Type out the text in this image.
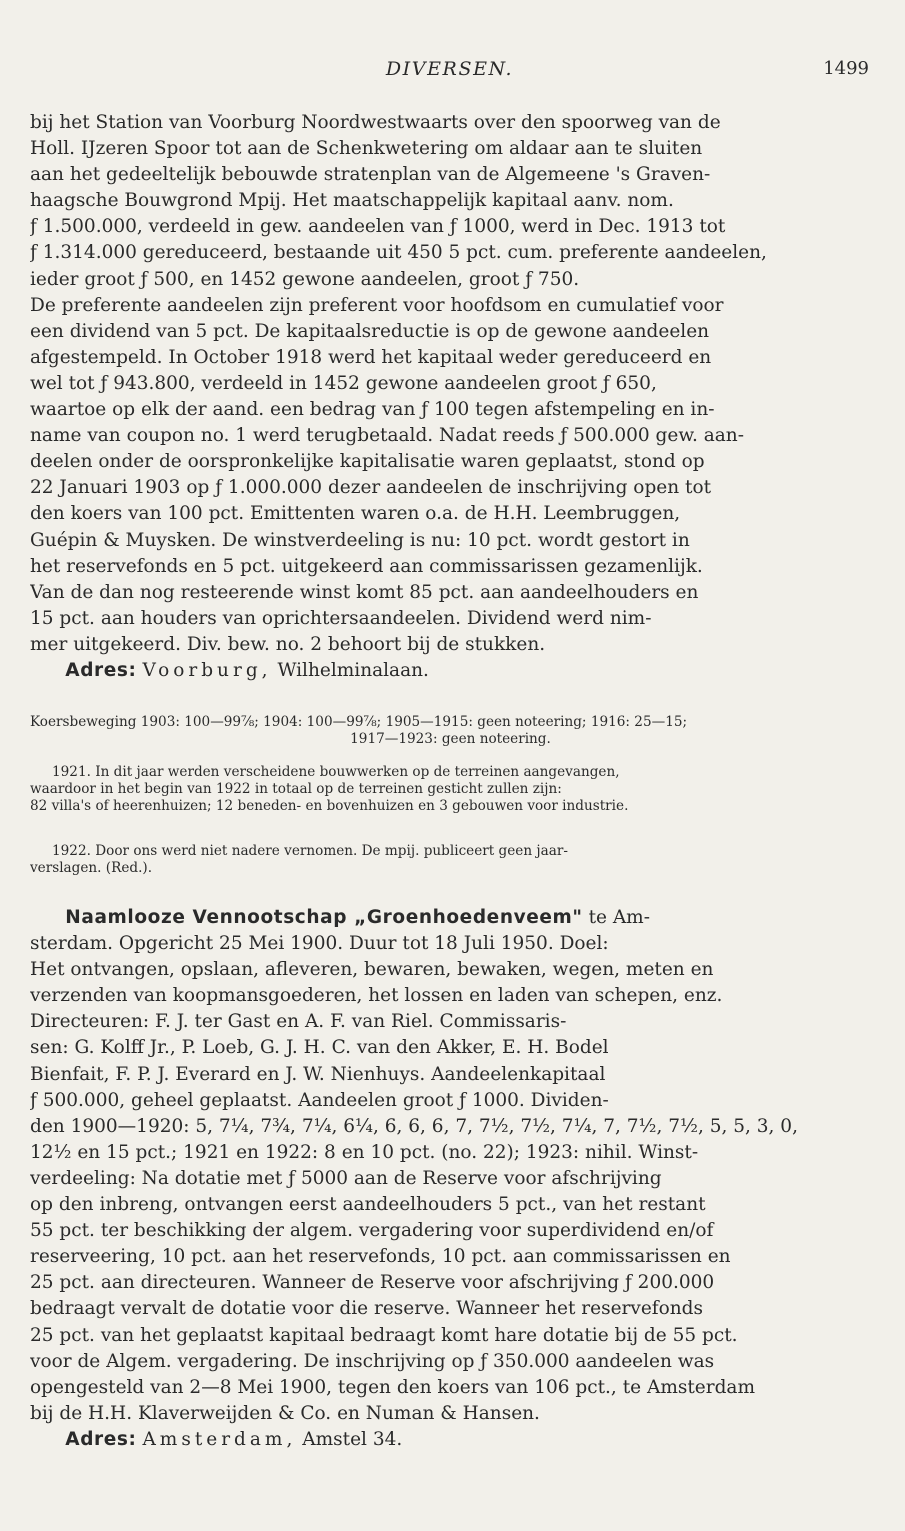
DIVERSEN.	1499
bij het Station van Voorburg Noordwestwaarts over den spoorweg van de
Holl. IJzeren Spoor tot aan de Schenkwetering om aldaar aan te sluiten
aan het gedeeltelijk bebouwde stratenplan van de Algemeene 's Graven-
haagsche Bouwgrond Mpij. Het maatschappelijk kapitaal aanv. nom.
ƒ 1.500.000, verdeeld in gew. aandeelen van ƒ 1000, werd in Dec. 1913 tot
ƒ 1.314.000 gereduceerd, bestaande uit 450 5 pct. cum. preferente aandeelen,
ieder groot ƒ 500, en 1452 gewone aandeelen, groot ƒ 750.
De preferente aandeelen zijn preferent voor hoofdsom en cumulatief voor
een dividend van 5 pct. De kapitaalsreductie is op de gewone aandeelen
afgestempeld. In October 1918 werd het kapitaal weder gereduceerd en
wel tot ƒ 943.800, verdeeld in 1452 gewone aandeelen groot ƒ 650,
waartoe op elk der aand. een bedrag van ƒ 100 tegen afstempeling en in-
name van coupon no. 1 werd terugbetaald. Nadat reeds ƒ 500.000 gew. aan-
deelen onder de oorspronkelijke kapitalisatie waren geplaatst, stond op
22 Januari 1903 op ƒ 1.000.000 dezer aandeelen de inschrijving open tot
den koers van 100 pct. Emittenten waren o.a. de H.H. Leembruggen,
Guépin & Muysken. De winstverdeeling is nu: 10 pct. wordt gestort in
het reservefonds en 5 pct. uitgekeerd aan commissarissen gezamenlijk.
Van de dan nog resteerende winst komt 85 pct. aan aandeelhouders en
15 pct. aan houders van oprichtersaandeelen. Dividend werd nim-
mer uitgekeerd. Div. bew. no. 2 behoort bij de stukken.
Adres: Voorburg, Wilhelminalaan.
Koersbeweging 1903: 100—99⅞; 1904: 100—99⅞; 1905—1915: geen noteering; 1916: 25—15;
1917—1923: geen noteering.
1921. In dit jaar werden verscheidene bouwwerken op de terreinen aangevangen,
waardoor in het begin van 1922 in totaal op de terreinen gesticht zullen zijn:
82 villa's of heerenhuizen; 12 beneden- en bovenhuizen en 3 gebouwen voor industrie.
1922. Door ons werd niet nadere vernomen. De mpij. publiceert geen jaar-
verslagen. (Red.).
Naamlooze Vennootschap „Groenhoedenveem" te Am-
sterdam. Opgericht 25 Mei 1900. Duur tot 18 Juli 1950. Doel:
Het ontvangen, opslaan, afleveren, bewaren, bewaken, wegen, meten en
verzenden van koopmansgoederen, het lossen en laden van schepen, enz.
Directeuren: F. J. ter Gast en A. F. van Riel. Commissaris-
sen: G. Kolff Jr., P. Loeb, G. J. H. C. van den Akker, E. H. Bodel
Bienfait, F. P. J. Everard en J. W. Nienhuys. Aandeelenkapitaal
ƒ 500.000, geheel geplaatst. Aandeelen groot ƒ 1000. Dividen-
den 1900—1920: 5, 7¼, 7¾, 7¼, 6¼, 6, 6, 6, 7, 7½, 7½, 7¼, 7, 7½, 7½, 5, 5, 3, 0,
12½ en 15 pct.; 1921 en 1922: 8 en 10 pct. (no. 22); 1923: nihil. Winst-
verdeeling: Na dotatie met ƒ 5000 aan de Reserve voor afschrijving
op den inbreng, ontvangen eerst aandeelhouders 5 pct., van het restant
55 pct. ter beschikking der algem. vergadering voor superdividend en/of
reserveering, 10 pct. aan het reservefonds, 10 pct. aan commissarissen en
25 pct. aan directeuren. Wanneer de Reserve voor afschrijving ƒ 200.000
bedraagt vervalt de dotatie voor die reserve. Wanneer het reservefonds
25 pct. van het geplaatst kapitaal bedraagt komt hare dotatie bij de 55 pct.
voor de Algem. vergadering. De inschrijving op ƒ 350.000 aandeelen was
opengesteld van 2—8 Mei 1900, tegen den koers van 106 pct., te Amsterdam
bij de H.H. Klaverweijden & Co. en Numan & Hansen.
Adres: Amsterdam, Amstel 34.
